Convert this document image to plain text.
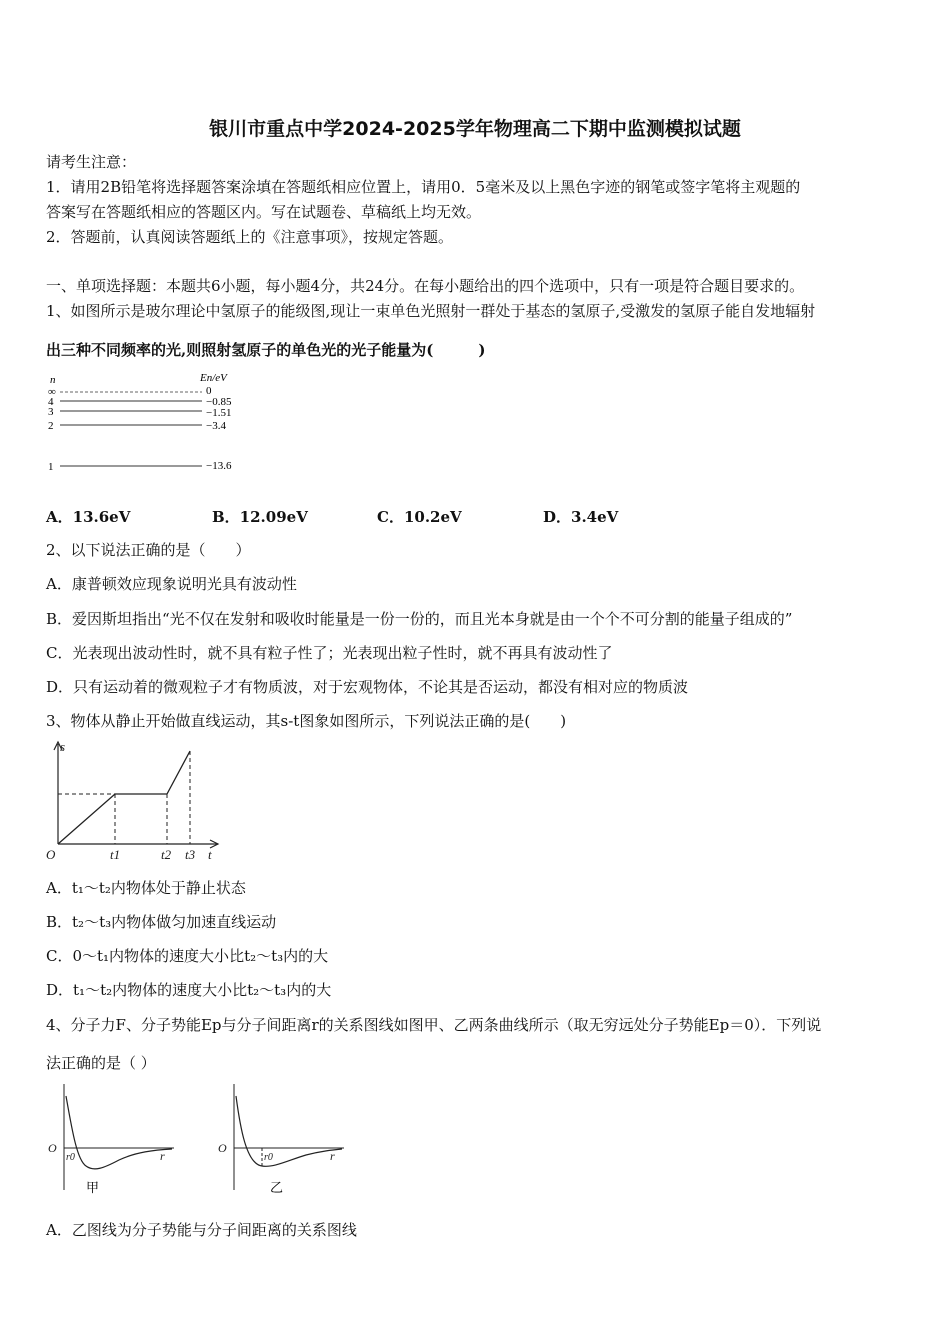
银川市重点中学2024-2025学年物理高二下期中监测模拟试题
请考生注意：
1．请用2B铅笔将选择题答案涂填在答题纸相应位置上，请用0．5毫米及以上黑色字迹的钢笔或签字笔将主观题的
答案写在答题纸相应的答题区内。写在试题卷、草稿纸上均无效。
2．答题前，认真阅读答题纸上的《注意事项》，按规定答题。
一、单项选择题：本题共6小题，每小题4分，共24分。在每小题给出的四个选项中，只有一项是符合题目要求的。
1、如图所示是玻尔理论中氢原子的能级图,现让一束单色光照射一群处于基态的氢原子,受激发的氢原子能自发地辐射
出三种不同频率的光,则照射氢原子的单色光的光子能量为(　　　)
n	En/eV
∞	0
4	−0.85
3	−1.51
2	−3.4
1	−13.6
A．13.6eV	B．12.09eV	C．10.2eV	D．3.4eV
2、以下说法正确的是（　　）
A．康普顿效应现象说明光具有波动性
B．爱因斯坦指出“光不仅在发射和吸收时能量是一份一份的，而且光本身就是由一个个不可分割的能量子组成的”
C．光表现出波动性时，就不具有粒子性了；光表现出粒子性时，就不再具有波动性了
D．只有运动着的微观粒子才有物质波，对于宏观物体，不论其是否运动，都没有相对应的物质波
3、物体从静止开始做直线运动，其s-t图象如图所示，下列说法正确的是(　　)
s
O	t
t1	t2 t3
A．t₁～t₂内物体处于静止状态
B．t₂～t₃内物体做匀加速直线运动
C．0～t₁内物体的速度大小比t₂～t₃内的大
D．t₁～t₂内物体的速度大小比t₂～t₃内的大
4、分子力F、分子势能Ep与分子间距离r的关系图线如图甲、乙两条曲线所示（取无穷远处分子势能Ep＝0）．下列说
法正确的是（ ）
O
r0	r
甲
O
r0	r
乙
A．乙图线为分子势能与分子间距离的关系图线
